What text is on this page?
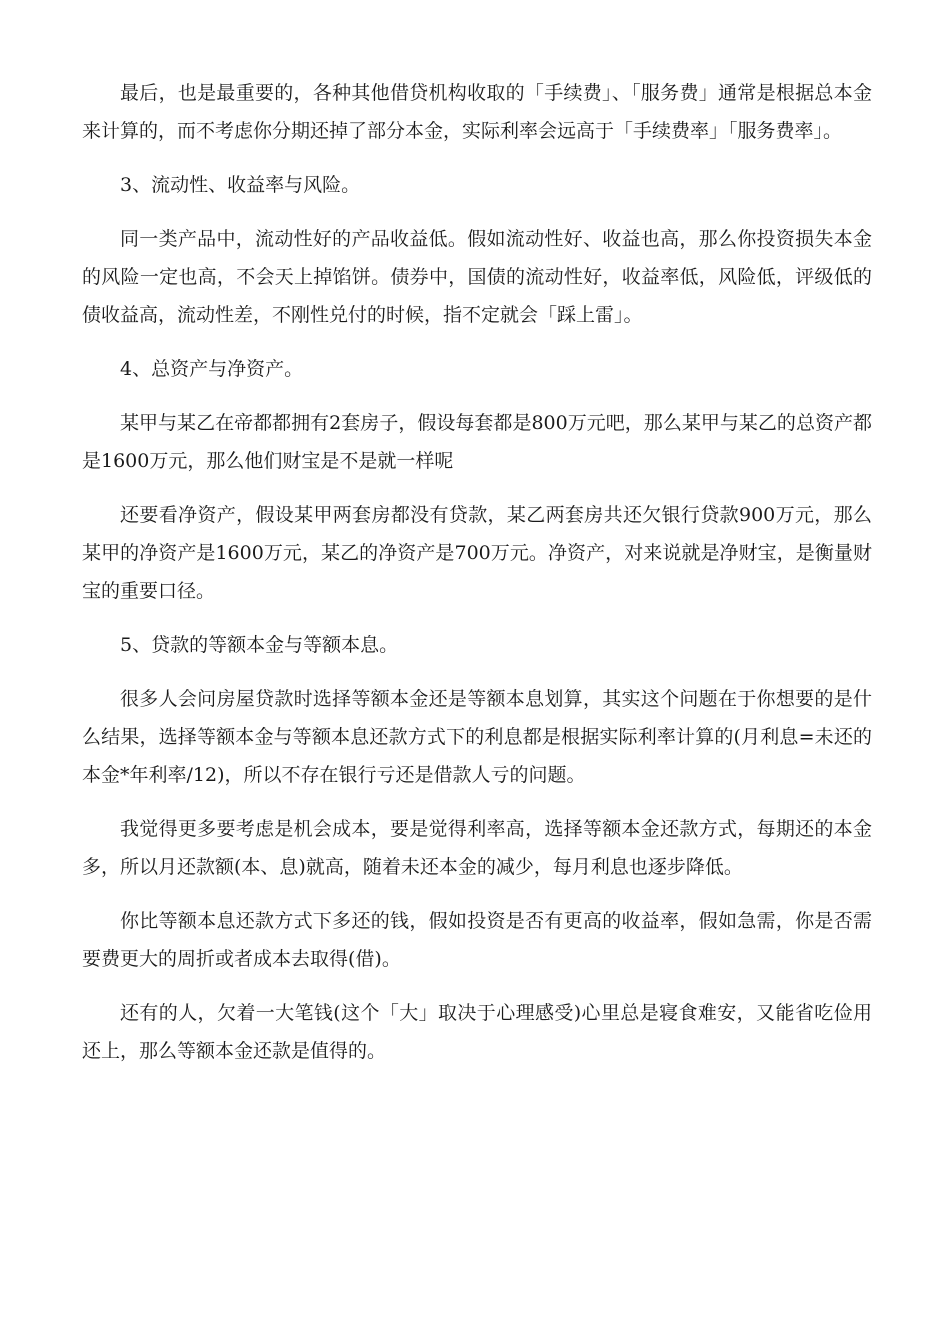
最后，也是最重要的，各种其他借贷机构收取的「手续费」、「服务费」通常是根据总本金来计算的，而不考虑你分期还掉了部分本金，实际利率会远高于「手续费率」「服务费率」。

3、流动性、收益率与风险。

同一类产品中，流动性好的产品收益低。假如流动性好、收益也高，那么你投资损失本金的风险一定也高，不会天上掉馅饼。债券中，国债的流动性好，收益率低，风险低，评级低的债收益高，流动性差，不刚性兑付的时候，指不定就会「踩上雷」。

4、总资产与净资产。

某甲与某乙在帝都都拥有2套房子，假设每套都是800万元吧，那么某甲与某乙的总资产都是1600万元，那么他们财宝是不是就一样呢

还要看净资产，假设某甲两套房都没有贷款，某乙两套房共还欠银行贷款900万元，那么某甲的净资产是1600万元，某乙的净资产是700万元。净资产，对来说就是净财宝，是衡量财宝的重要口径。

5、贷款的等额本金与等额本息。

很多人会问房屋贷款时选择等额本金还是等额本息划算，其实这个问题在于你想要的是什么结果，选择等额本金与等额本息还款方式下的利息都是根据实际利率计算的(月利息=未还的本金*年利率/12)，所以不存在银行亏还是借款人亏的问题。

我觉得更多要考虑是机会成本，要是觉得利率高，选择等额本金还款方式，每期还的本金多，所以月还款额(本、息)就高，随着未还本金的减少，每月利息也逐步降低。

你比等额本息还款方式下多还的钱，假如投资是否有更高的收益率，假如急需，你是否需要费更大的周折或者成本去取得(借)。

还有的人，欠着一大笔钱(这个「大」取决于心理感受)心里总是寝食难安，又能省吃俭用还上，那么等额本金还款是值得的。
